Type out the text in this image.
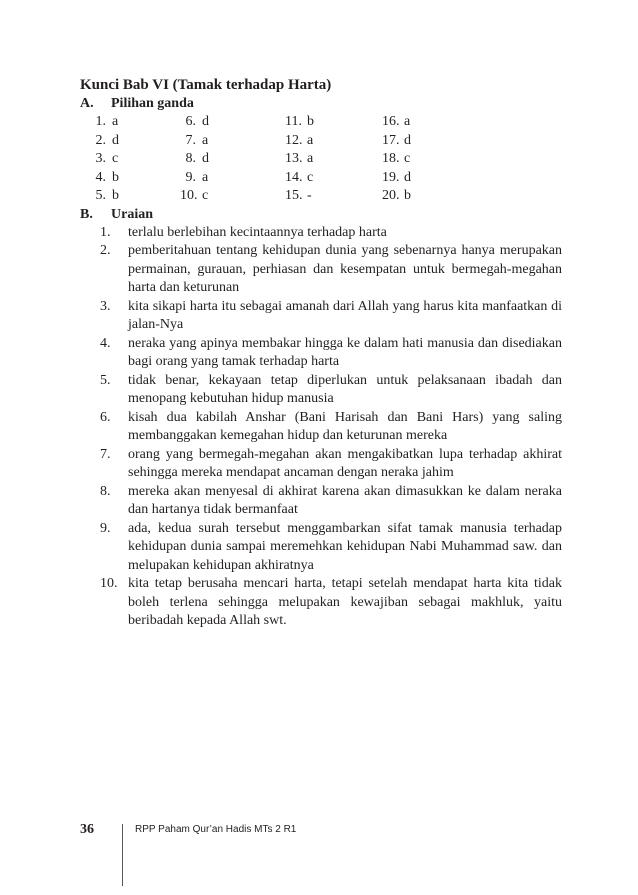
Kunci Bab VI (Tamak terhadap Harta)
A.	Pilihan ganda
1. a	6. d	11. b	16. a
2. d	7. a	12. a	17. d
3. c	8. d	13. a	18. c
4. b	9. a	14. c	19. d
5. b	10. c	15. -	20. b
B.	Uraian
1.	terlalu berlebihan kecintaannya terhadap harta
2.	pemberitahuan tentang kehidupan dunia yang sebenarnya hanya merupakan permainan, gurauan, perhiasan dan kesempatan untuk bermegah-megahan harta dan keturunan
3.	kita sikapi harta itu sebagai amanah dari Allah yang harus kita manfaatkan di jalan-Nya
4.	neraka yang apinya membakar hingga ke dalam hati manusia dan disediakan bagi orang yang tamak terhadap harta
5.	tidak benar, kekayaan tetap diperlukan untuk pelaksanaan ibadah dan menopang kebutuhan hidup manusia
6.	kisah dua kabilah Anshar (Bani Harisah dan Bani Hars) yang saling membanggakan kemegahan hidup dan keturunan mereka
7.	orang yang bermegah-megahan akan mengakibatkan lupa terhadap akhirat sehingga mereka mendapat ancaman dengan neraka jahim
8.	mereka akan menyesal di akhirat karena akan dimasukkan ke dalam neraka dan hartanya tidak bermanfaat
9.	ada, kedua surah tersebut menggambarkan sifat tamak manusia terhadap kehidupan dunia sampai meremehkan kehidupan Nabi Muhammad saw. dan melupakan kehidupan akhiratnya
10. kita tetap berusaha mencari harta, tetapi setelah mendapat harta kita tidak boleh terlena sehingga melupakan kewajiban sebagai makhluk, yaitu beribadah kepada Allah swt.
36	RPP Paham Qur’an Hadis MTs 2 R1
